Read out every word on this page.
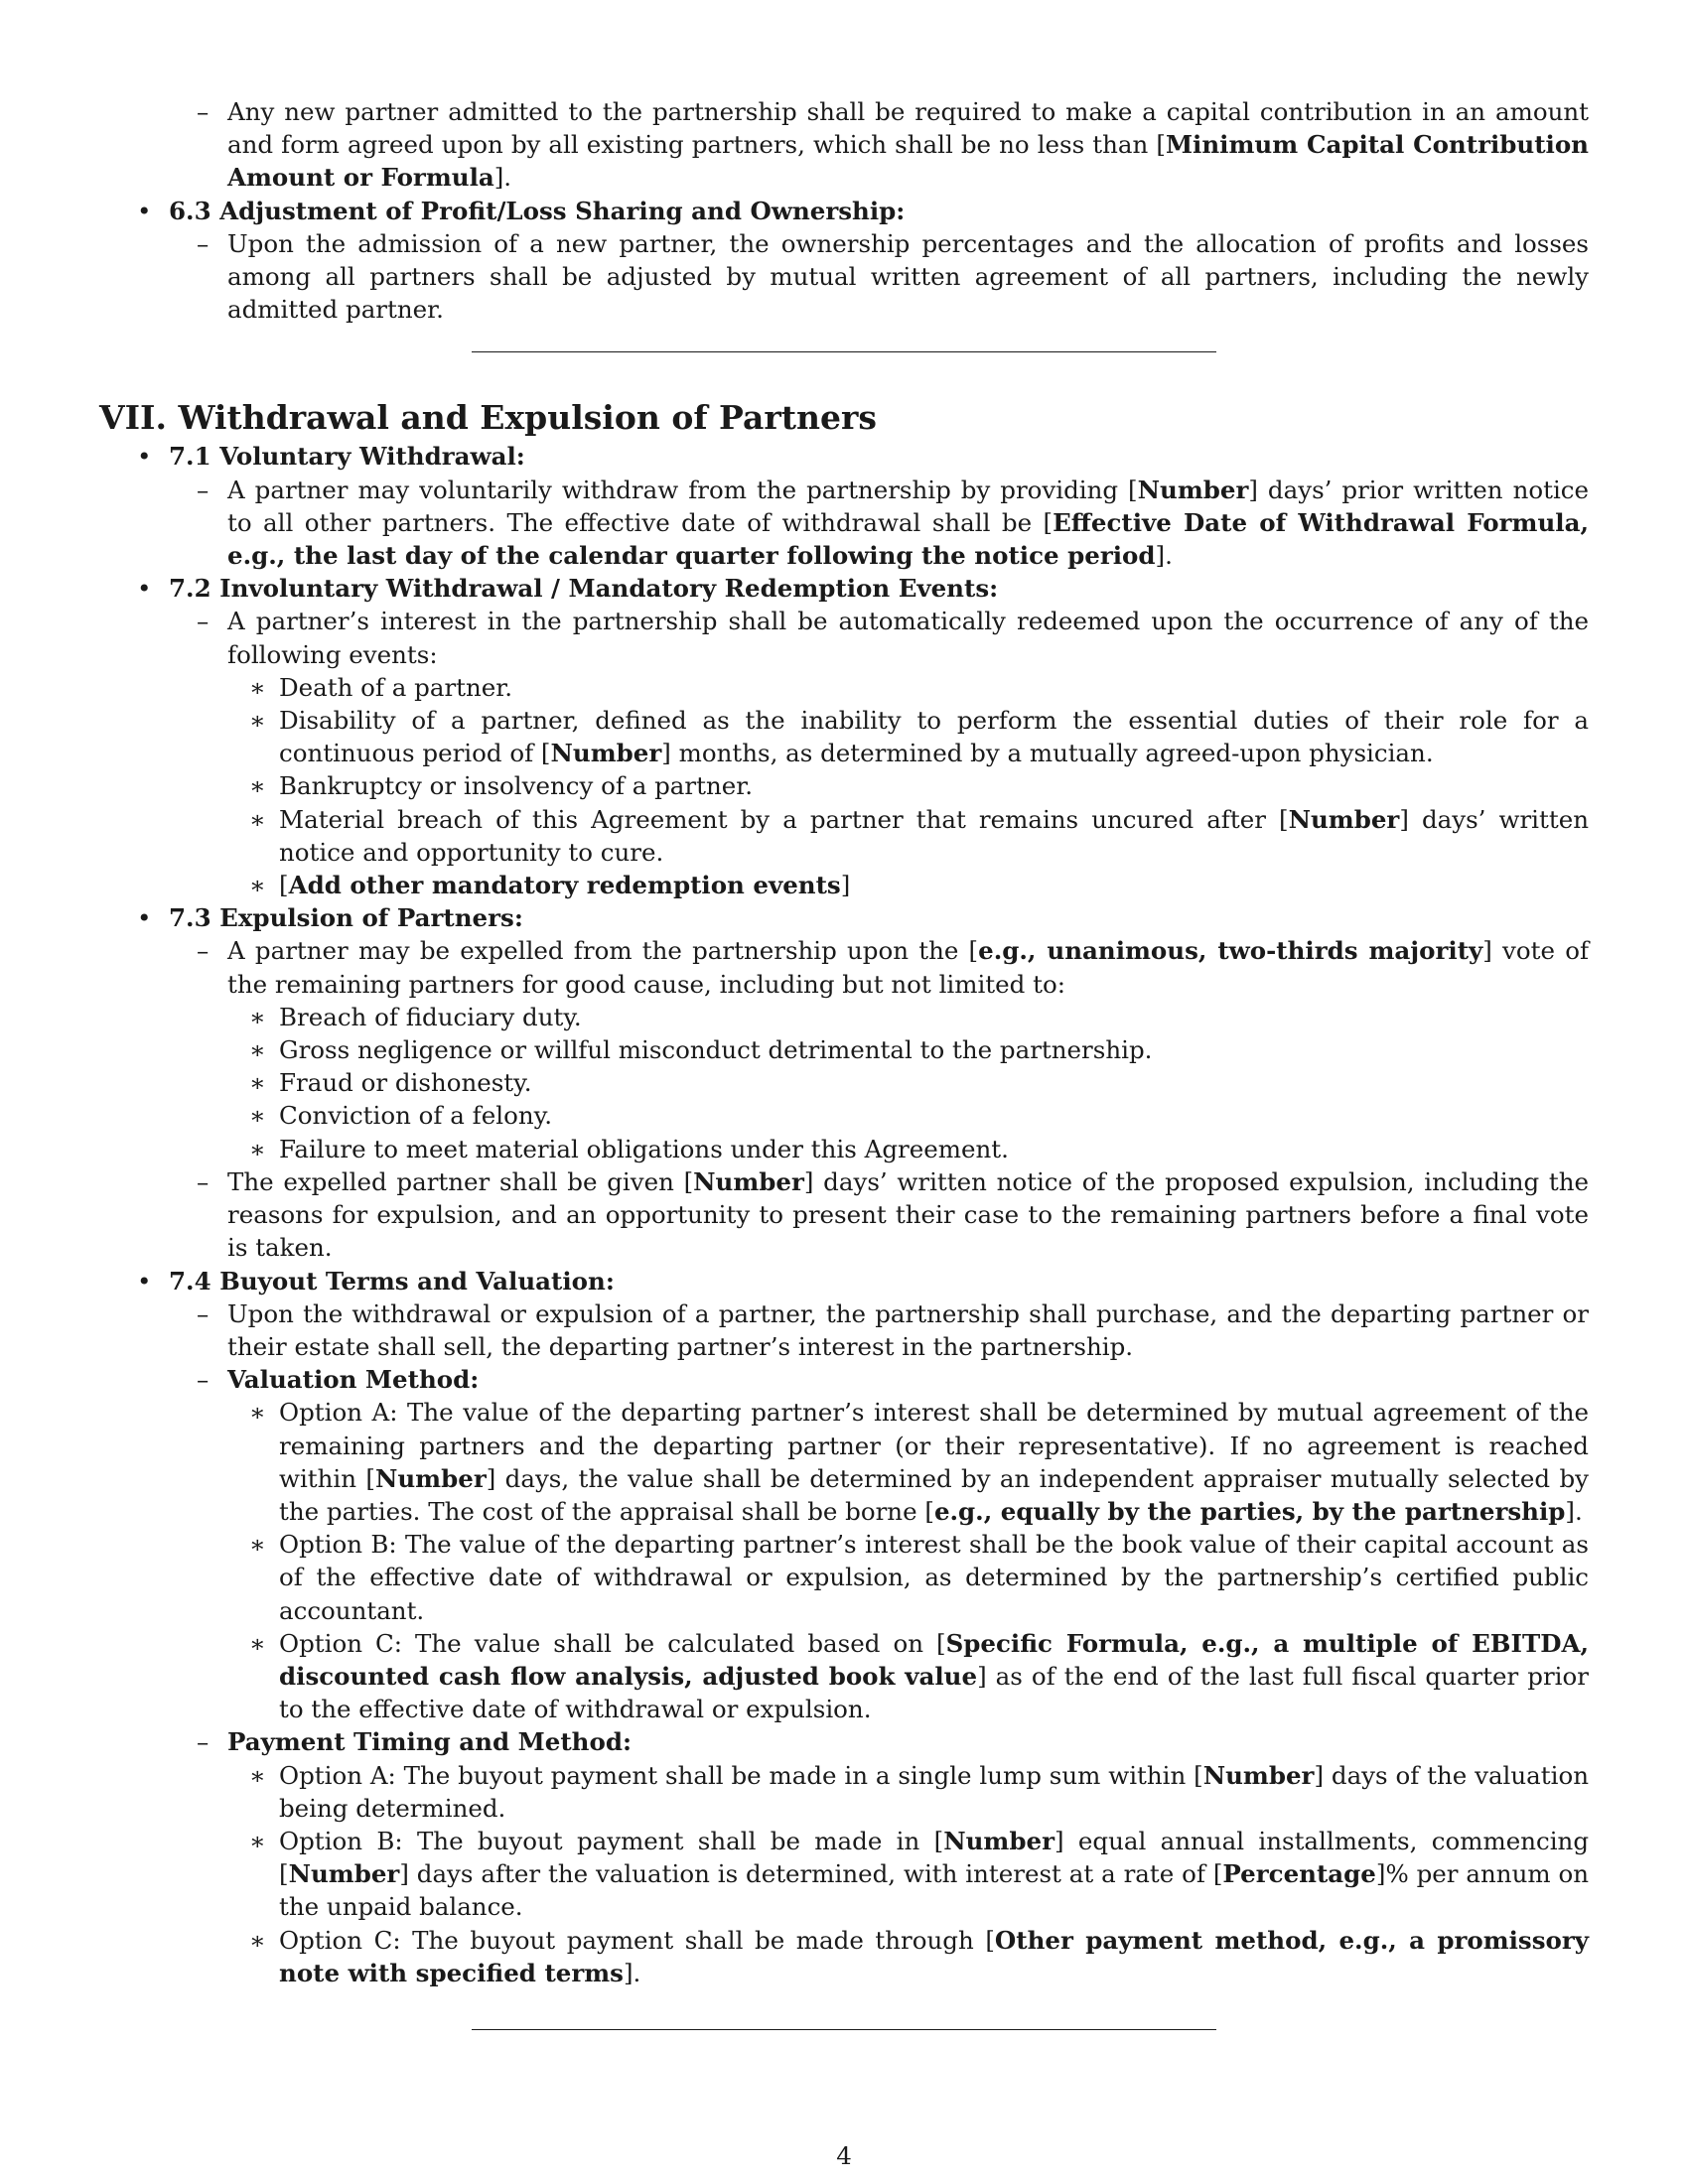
– Any new partner admitted to the partnership shall be required to make a capital contribution in an amount and form agreed upon by all existing partners, which shall be no less than [Minimum Capital Contribution Amount or Formula].

• 6.3 Adjustment of Profit/Loss Sharing and Ownership:

– Upon the admission of a new partner, the ownership percentages and the allocation of profits and losses among all partners shall be adjusted by mutual written agreement of all partners, including the newly admitted partner.

VII. Withdrawal and Expulsion of Partners

• 7.1 Voluntary Withdrawal:

– A partner may voluntarily withdraw from the partnership by providing [Number] days’ prior written notice to all other partners. The effective date of withdrawal shall be [Effective Date of Withdrawal Formula, e.g., the last day of the calendar quarter following the notice period].

• 7.2 Involuntary Withdrawal / Mandatory Redemption Events:

– A partner’s interest in the partnership shall be automatically redeemed upon the occurrence of any of the following events:

∗ Death of a partner.

∗ Disability of a partner, defined as the inability to perform the essential duties of their role for a continuous period of [Number] months, as determined by a mutually agreed-upon physician.

∗ Bankruptcy or insolvency of a partner.

∗ Material breach of this Agreement by a partner that remains uncured after [Number] days’ written notice and opportunity to cure.

∗ [Add other mandatory redemption events]

• 7.3 Expulsion of Partners:

– A partner may be expelled from the partnership upon the [e.g., unanimous, two-thirds majority] vote of the remaining partners for good cause, including but not limited to:

∗ Breach of fiduciary duty.

∗ Gross negligence or willful misconduct detrimental to the partnership.

∗ Fraud or dishonesty.

∗ Conviction of a felony.

∗ Failure to meet material obligations under this Agreement.

– The expelled partner shall be given [Number] days’ written notice of the proposed expulsion, including the reasons for expulsion, and an opportunity to present their case to the remaining partners before a final vote is taken.

• 7.4 Buyout Terms and Valuation:

– Upon the withdrawal or expulsion of a partner, the partnership shall purchase, and the departing partner or their estate shall sell, the departing partner’s interest in the partnership.

– Valuation Method:

∗ Option A: The value of the departing partner’s interest shall be determined by mutual agreement of the remaining partners and the departing partner (or their representative). If no agreement is reached within [Number] days, the value shall be determined by an independent appraiser mutually selected by the parties. The cost of the appraisal shall be borne [e.g., equally by the parties, by the partnership].

∗ Option B: The value of the departing partner’s interest shall be the book value of their capital account as of the effective date of withdrawal or expulsion, as determined by the partnership’s certified public accountant.

∗ Option C: The value shall be calculated based on [Specific Formula, e.g., a multiple of EBITDA, discounted cash flow analysis, adjusted book value] as of the end of the last full fiscal quarter prior to the effective date of withdrawal or expulsion.

– Payment Timing and Method:

∗ Option A: The buyout payment shall be made in a single lump sum within [Number] days of the valuation being determined.

∗ Option B: The buyout payment shall be made in [Number] equal annual installments, commencing [Number] days after the valuation is determined, with interest at a rate of [Percentage]% per annum on the unpaid balance.

∗ Option C: The buyout payment shall be made through [Other payment method, e.g., a promissory note with specified terms].

4
